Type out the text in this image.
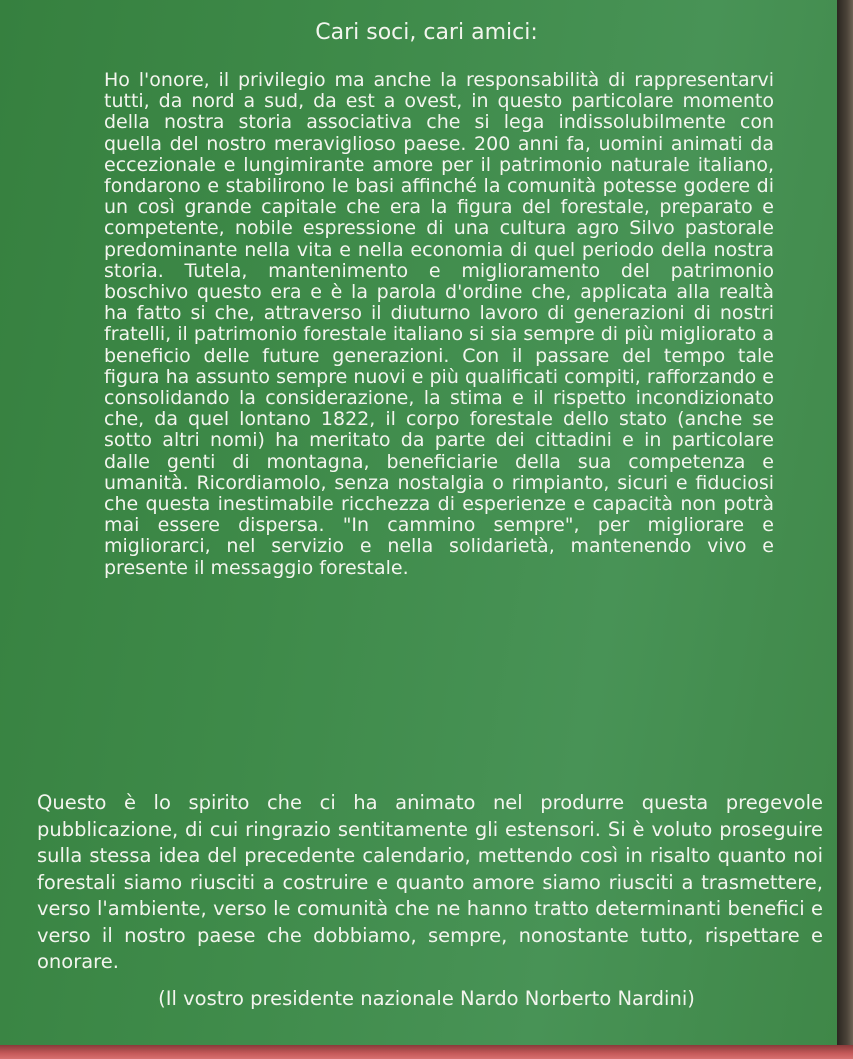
Cari soci, cari amici:
Ho l'onore, il privilegio ma anche la responsabilità di rappresentarvi tutti, da nord a sud, da est a ovest, in questo particolare momento della nostra storia associativa che si lega indissolubilmente con quella del nostro meraviglioso paese. 200 anni fa, uomini animati da eccezionale e lungimirante amore per il patrimonio naturale italiano, fondarono e stabilirono le basi affinché la comunità potesse godere di un così grande capitale che era la figura del forestale, preparato e competente, nobile espressione di una cultura agro Silvo pastorale predominante nella vita e nella economia di quel periodo della nostra storia. Tutela, mantenimento e miglioramento del patrimonio boschivo questo era e è la parola d'ordine che, applicata alla realtà ha fatto si che, attraverso il diuturno lavoro di generazioni di nostri fratelli, il patrimonio forestale italiano si sia sempre di più migliorato a beneficio delle future generazioni. Con il passare del tempo tale figura ha assunto sempre nuovi e più qualificati compiti, rafforzando e consolidando la considerazione, la stima e il rispetto incondizionato che, da quel lontano 1822, il corpo forestale dello stato (anche se sotto altri nomi) ha meritato da parte dei cittadini e in particolare dalle genti di montagna, beneficiarie della sua competenza e umanità. Ricordiamolo, senza nostalgia o rimpianto, sicuri e fiduciosi che questa inestimabile ricchezza di esperienze e capacità non potrà mai essere dispersa. "In cammino sempre", per migliorare e migliorarci, nel servizio e nella solidarietà, mantenendo vivo e presente il messaggio forestale.
Questo è lo spirito che ci ha animato nel produrre questa pregevole pubblicazione, di cui ringrazio sentitamente gli estensori. Si è voluto proseguire sulla stessa idea del precedente calendario, mettendo così in risalto quanto noi forestali siamo riusciti a costruire e quanto amore siamo riusciti a trasmettere, verso l'ambiente, verso le comunità che ne hanno tratto determinanti benefici e verso il nostro paese che dobbiamo, sempre, nonostante tutto, rispettare e onorare.
(Il vostro presidente nazionale Nardo Norberto Nardini)
